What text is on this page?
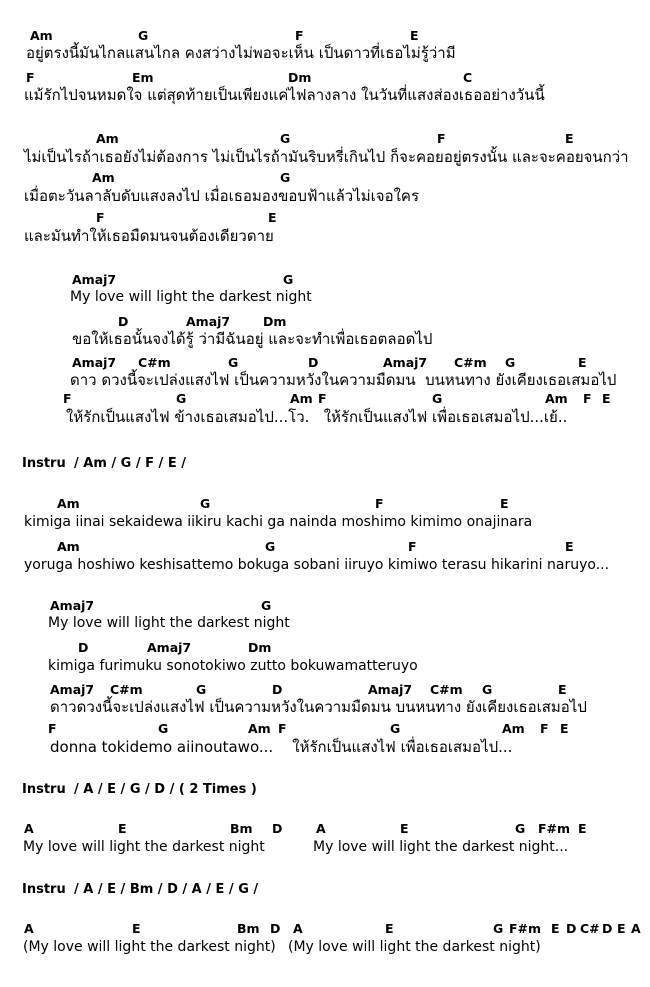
Am	G	F	E
อยู่ตรงนี้มันไกลแสนไกล คงสว่างไม่พอจะเห็น เป็นดาวที่เธอไม่รู้ว่ามี
F	Em	Dm	C
แม้รักไปจนหมดใจ แต่สุดท้ายเป็นเพียงแค่ไฟลางลาง ในวันที่แสงส่องเธออย่างวันนี้
Am	G	F	E
ไม่เป็นไรถ้าเธอยังไม่ต้องการ ไม่เป็นไรถ้ามันริบหรี่เกินไป ก็จะคอยอยู่ตรงนั้น และจะคอยจนกว่า
Am	G
เมื่อตะวันลาลับดับแสงลงไป เมื่อเธอมองขอบฟ้าแล้วไม่เจอใคร
F	E
และมันทำให้เธอมืดมนจนต้องเดียวดาย
Amaj7	G
My love will light the darkest night
D	Amaj7	Dm
ขอให้เธอนั้นจงได้รู้ ว่ามีฉันอยู่ และจะทำเพื่อเธอตลอดไป
Amaj7 C#m	G	D	Amaj7 C#m G	E
ดาว ดวงนี้จะเปล่งแสงไฟ เป็นความหวังในความมืดมน  บนหนทาง ยังเคียงเธอเสมอไป
F	G	Am F	G	Am F E
ให้รักเป็นแสงไฟ ข้างเธอเสมอไป...โว.   ให้รักเป็นแสงไฟ เพื่อเธอเสมอไป...เย้..
Instru / Am / G / F / E /
Am	G	F	E
kimiga iinai sekaidewa iikiru kachi ga nainda moshimo kimimo onajinara
Am	G	F	E
yoruga hoshiwo keshisattemo bokuga sobani iiruyo kimiwo terasu hikarini naruyo...
Amaj7	G
My love will light the darkest night
D	Amaj7	Dm
kimiga furimuku sonotokiwo zutto bokuwamatteruyo
Amaj7 C#m	G	D	Amaj7 C#m G	E
ดาวดวงนี้จะเปล่งแสงไฟ เป็นความหวังในความมืดมน บนหนทาง ยังเคียงเธอเสมอไป
F	G	Am F	G	Am F E
donna tokidemo aiinoutawo...    ให้รักเป็นแสงไฟ เพื่อเธอเสมอไป...
Instru / A / E / G / D / ( 2 Times )
A	E	Bm D	A	E	G F#m E
My love will light the darkest night	My love will light the darkest night...
Instru / A / E / Bm / D / A / E / G /
A	E	Bm D A	E	G F#m E D C# D E A
(My love will light the darkest night) (My love will light the darkest night)
